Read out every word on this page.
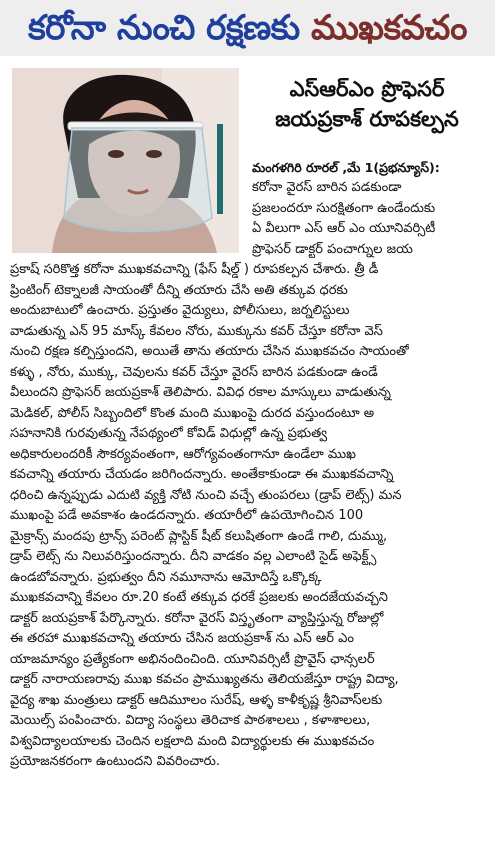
కరోనా నుంచి రక్షణకు ముఖకవచం
ఎస్ఆర్ఎం ప్రొఫెసర్
జయప్రకాశ్ రూపకల్పన
మంగళగిరి రూరల్ ,మే 1(ప్రభన్యూస్):
కరోనా వైరస్ బారిన పడకుండా
ప్రజలందరూ సురక్షితంగా ఉండేందుకు
ఏ వీలుగా ఎస్ ఆర్ ఎం యూనివర్సిటీ
ప్రొఫెసర్ డాక్టర్ పంచాగ్నుల జయ
ప్రకాష్ సరికొత్త కరోనా ముఖకవచాన్ని (ఫేస్ షీల్డ్ ) రూపకల్పన చేశారు. త్రీ డీ
ప్రింటింగ్ టెక్నాలజీ సాయంతో దీన్ని తయారు చేసి అతి తక్కువ ధరకు
అందుబాటులో ఉంచారు. ప్రస్తుతం వైద్యులు, పోలీసులు, జర్నలిస్టులు
వాడుతున్న ఎన్ 95 మాస్క్ కేవలం నోరు, ముక్కును కవర్ చేస్తూ కరోనా వెస్
నుంచి రక్షణ కల్పిస్తుందని, అయితే తాను తయారు చేసిన ముఖకవచం సాయంతో
కళ్ళు , నోరు, ముక్కు, చెవులను కవర్ చేస్తూ వైరస్ బారిన పడకుండా ఉండే
వీలుందని ప్రొఫెసర్ జయప్రకాశ్ తెలిపారు. వివిధ రకాల మాస్కులు వాడుతున్న
మెడికల్, పోలీస్ సిబ్బందిలో కొంత మంది ముఖంపై దురద వస్తుందంటూ అ
సహనానికి గురవుతున్న నేపథ్యంలో కోవిడ్ విధుల్లో ఉన్న ప్రభుత్వ
అధికారులందరికీ సౌకర్యవంతంగా, ఆరోగ్యవంతంగానూ ఉండేలా ముఖ
కవచాన్ని తయారు చేయడం జరిగిందన్నారు. అంతేకాకుండా ఈ ముఖకవచాన్ని
ధరించి ఉన్నప్పుడు ఎదుటి వ్యక్తి నోటి నుంచి వచ్చే తుంపరలు (డ్రాప్ లెట్స్) మన
ముఖంపై పడే అవకాశం ఉండదన్నారు. తయారీలో ఉపయోగించిన 100
మైక్రాన్స్ మందపు ట్రాన్స్ పరెంట్ ప్లాస్టిక్ షీట్ కలుషితంగా ఉండే గాలి, దుమ్ము,
డ్రాప్ లెట్స్ ను నిలువరిస్తుందన్నారు. దీని వాడకం వల్ల ఎలాంటి సైడ్ అఫెక్ట్స్
ఉండబోవన్నారు. ప్రభుత్వం దీని నమూనాను ఆమోదిస్తే ఒక్కొక్క
ముఖకవచాన్ని కేవలం రూ.20 కంటే తక్కువ ధరకే ప్రజలకు అందజేయవచ్చని
డాక్టర్ జయప్రకాశ్ పేర్కొన్నారు. కరోనా వైరస్ విస్తృతంగా వ్యాప్తిస్తున్న రోజుల్లో
ఈ తరహా ముఖకవచాన్ని తయారు చేసిన జయప్రకాశ్ ను ఎస్ ఆర్ ఎం
యాజమాన్యం ప్రత్యేకంగా అభినందించింది. యూనివర్సిటీ ప్రొవైస్ ఛాన్సలర్
డాక్టర్ నారాయణరావు ముఖ కవచం ప్రాముఖ్యతను తెలియజేస్తూ రాష్ట్ర విద్యా,
వైద్య శాఖ మంత్రులు డాక్టర్ ఆదిమూలం సురేష్, ఆళ్ళ కాళీకృష్ణ శ్రీనివాస్‌లకు
మెయిల్స్ పంపించారు. విద్యా సంస్థలు తెరిచాక పాఠశాలలు , కళాశాలలు,
విశ్వవిద్యాలయాలకు చెందిన లక్షలాది మంది విద్యార్థులకు ఈ ముఖకవచం
ప్రయోజనకరంగా ఉంటుందని వివరించారు.
